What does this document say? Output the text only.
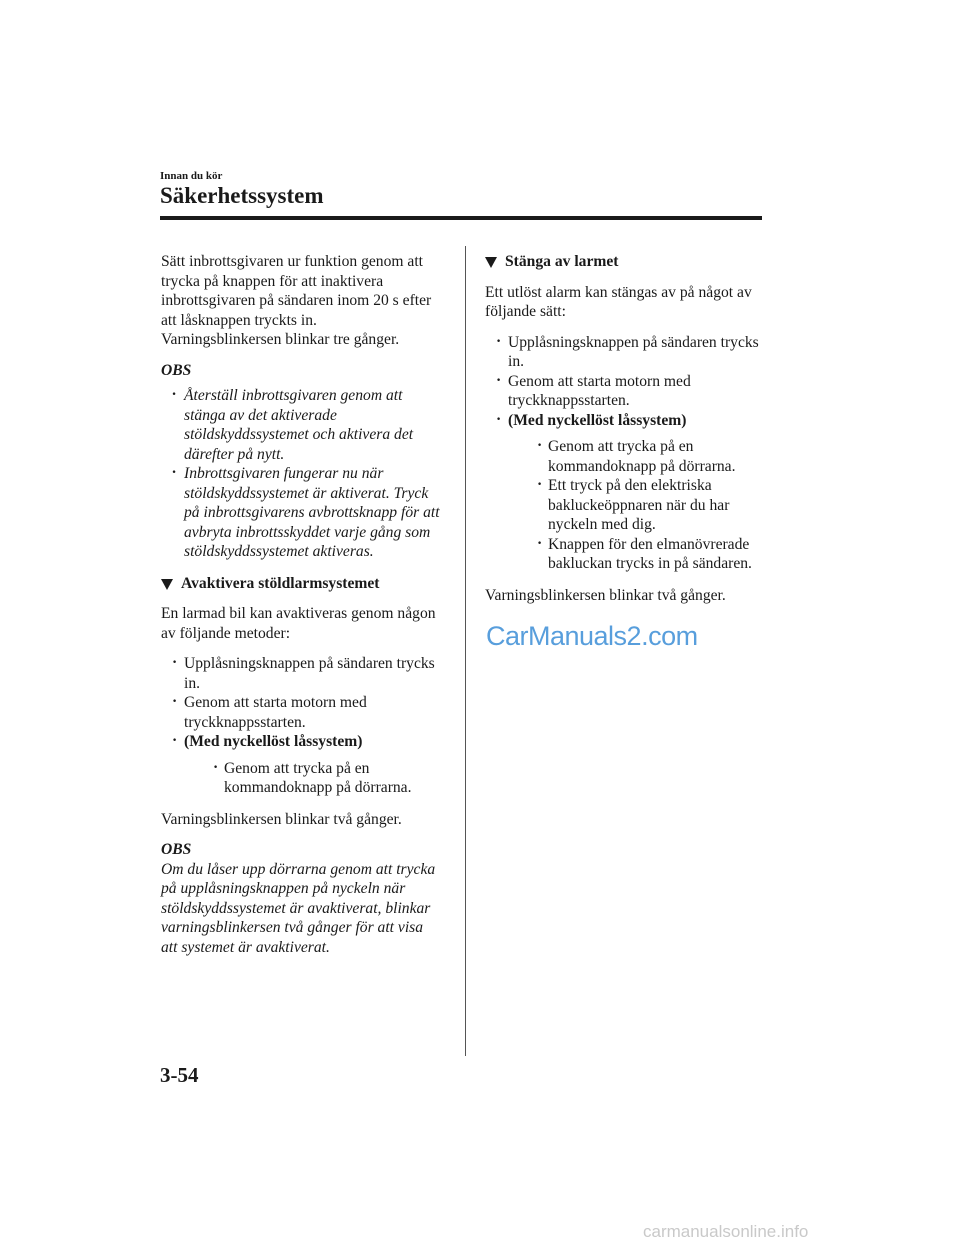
Innan du kör
Säkerhetssystem

Sätt inbrottsgivaren ur funktion genom att trycka på knappen för att inaktivera inbrottsgivaren på sändaren inom 20 s efter att låsknappen tryckts in.

Varningsblinkersen blinkar tre gånger.

OBS

· Återställ inbrottsgivaren genom att stänga av det aktiverade stöldskyddssystemet och aktivera det därefter på nytt.
· Inbrottsgivaren fungerar nu när stöldskyddssystemet är aktiverat. Tryck på inbrottsgivarens avbrottsknapp för att avbryta inbrottsskyddet varje gång som stöldskyddssystemet aktiveras.
Avaktivera stöldlarmsystemet

En larmad bil kan avaktiveras genom någon av följande metoder:

· Upplåsningsknappen på sändaren trycks in.
· Genom att starta motorn med tryckknappsstarten.
· (Med nyckellöst låssystem)
· Genom att trycka på en kommandoknapp på dörrarna.

Varningsblinkersen blinkar två gånger.

OBS

Om du låser upp dörrarna genom att trycka på upplåsningsknappen på nyckeln när stöldskyddssystemet är avaktiverat, blinkar varningsblinkersen två gånger för att visa att systemet är avaktiverat.

Stänga av larmet

Ett utlöst alarm kan stängas av på något av följande sätt:

· Upplåsningsknappen på sändaren trycks in.
· Genom att starta motorn med tryckknappsstarten.
· (Med nyckellöst låssystem)
· Genom att trycka på en kommandoknapp på dörrarna.
· Ett tryck på den elektriska bakluckeöppnaren när du har nyckeln med dig.
· Knappen för den elmanövrerade bakluckan trycks in på sändaren.

Varningsblinkersen blinkar två gånger.

CarManuals2.com
3-54
carmanualsonline.info
